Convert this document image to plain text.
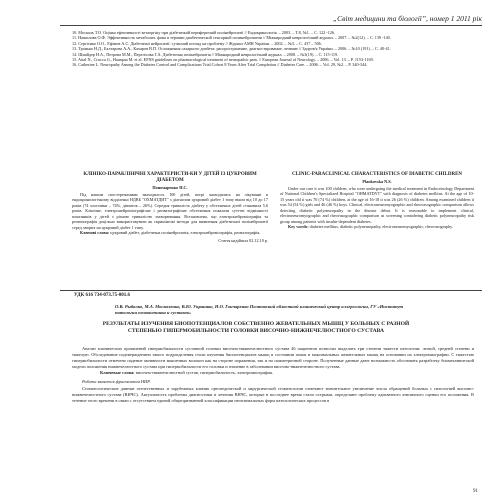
„Світ медицини та біології”, номер 1 2011 рік

10. Москаль Т.О. Оцінка ефективності кетаоргіну при діабетичній периферичній полінейропатії // Ендокринологія. – 2003. – Т.8, №1. – С. 122 -126.

11. Нашилова О.Ф. Эффективность метаболич. фазы в терапии диабетической сенсорной полинейропатии // Міжнародний неврологічний журнал. – 2007. – №2(12). – С. 139 -140.

12. Сергієнко О.О., Ефімов А.С. Діабетичні нейропатії: сучасний погляд на проблему // Журнал АМН України. – 2002. – №3. – С. 437 – 506.

13. Тронько Н.Д., Балтарова А.А., Кахаров В.П. Осложнения сахарного диабета: распространение, диагностирование, лечение // Здоров'я України. – 2006. – №10 (191). – С. 40-41.

14. Шнайдер Н.А., Петрова М.М., Перелісова Г.А. Діабетична полінейропатія // Міжнародний неврологічний журнал. – 2008. – №3(19). – С. 115-119.

15. Attal N., Cruccu G., Haanpaa M. et al. EFNS guidelines on pharmacological treatment of neuropathic pain. // European Journal of Neurology. – 2006. – Vol. 13. – P. 1153-1169.

16. Catherine L. Neuropathy Among the Diabetes Control and Complications Trial Cohort 8 Years After Trial Completion // Diabetes Care. – 2006. – Vol. 29, №2. – P. 340-344.

КЛІНІКО-ПАРАКЛІНІЧНІ ХАРАКТЕРИСТИ-КИ У ДІТЕЙ ІЗ ЦУКРОВИМ ДІАБЕТОМ
Пономаренко Н.С.

Під нашим спостереженням знаходилось 100 дітей, котрі знаходились на лікуванні в ендокринологічному відділенні НДВБ "ОХМАТДИТ" з діагнозом цукровий діабет 1 типу віком від 10 до 17 років (74 хлопчики – 74%, дівчаток – 26%). Середня тривалість діабету у обстежених дітей становила 5,6 років. Клінічне, електронейроміографічне і реовазографічне обстеження показали суттєві відмінності показників у дітей з різною тривалістю захворювання. Встановлено, що електронейроміографія та реовазографія доцільно використовувати як скринінгові методи для виявлення діабетичної полінейропатії серед хворих на цукровий діабет 1 типу.

Ключові слова: цукровий діабет, діабетична полінейропатія, електронейроміографія, реовазографія.

Стаття надійшла 02.12.10 р.
CLINIC-PARACLINICAL CHARACTERISTICS OF DIABETIC CHILDREN
Plankovska N.S.

Under our care it was 100 children, who were undergoing the medical treatment in Endocrinology Department of National Children's Specialized Hospital "OHMATDYT" with diagnosis of diabetes mellitus. At the age of 10-15 years old it was 70 (74 %) children, at the age of 16-18 it was 26 (26 %) children. Among examined children it was 54 (54 %) girls and 46 (46 %) boys. Clinical, electroneuromyographic and rheovasographic comparison allows detecting diabetic polyneuropathy in the disease debut. It is reasonable to implement clinical, electroneuromyographic and rheovasographic comparison as screening considering diabetic polyneuropathy risk group among patients with insulin-dependent diabetes.

Key words: diabetes mellitus, diabetic polyneuropathy, electroneuromyographic, rheovasography.

УДК 616 734-073.75-001.6
О.В. Рыбалко, М.А. Москаленко, В.Ю. Украинко, Н.О. Гончаренко Полтавский областной клинический центр аллергологии, ГУ «Институт патологии позвоночника и суставов»
РЕЗУЛЬТАТЫ ИЗУЧЕНИЯ БИОПОТЕНЦИАЛОВ СОБСТВЕННО ЖЕВАТЕЛЬНЫХ МЫШЦ У БОЛЬНЫХ С РАЗНОЙ СТЕПЕНЬЮ ГИПЕРМОБИЛЬНОСТИ ГОЛОВКИ ВИСОЧНО-НИЖНЕЧЕЛЮСТНОГО СУСТАВА

Анализ клинических проявлений гипермобильности суставной головки височно-нижнечелюстного сустава 46 пациентов позволил выделить три степени тяжести патологии: легкой, средней степени и тяжелую. Обследование подтверждением такого подразделения стали изучения биопотенциалов мышц в состоянии покоя и максимальных жевательных мышц на основании их электромиографии. С тяжестью гипермобильности отмечено падение активности мышечных волокон как на стороне поражения, так и на симметричной стороне. Полученные данные дают возможность обосновать разработку биомеханической модели положения нижнечелюстного сустава при гипермобильности его головки и значение в заболевании височно-нижнечелюстного сустава.

Ключевые слова: височно-нижнечелюстной сустав, гипермобильность, электромиография.

Работа является фрагментом НИР.

Стоматологические данные отечественных и зарубежных клиник ортопедической и хирургической стоматологии отмечают значительное увеличение числа обращений больных с патологией височно-нижнечелюстного сустава (ВНЧС). Актуальность проблемы диагностики и лечения ВНЧС, которые в последнее время стали острыми, определяют проблему адекватного атипичного оценки его положения. В течение этого времени в связи с отсутствием единой общепризнанной классификации неоптимальных форм патологических процессов в

91
